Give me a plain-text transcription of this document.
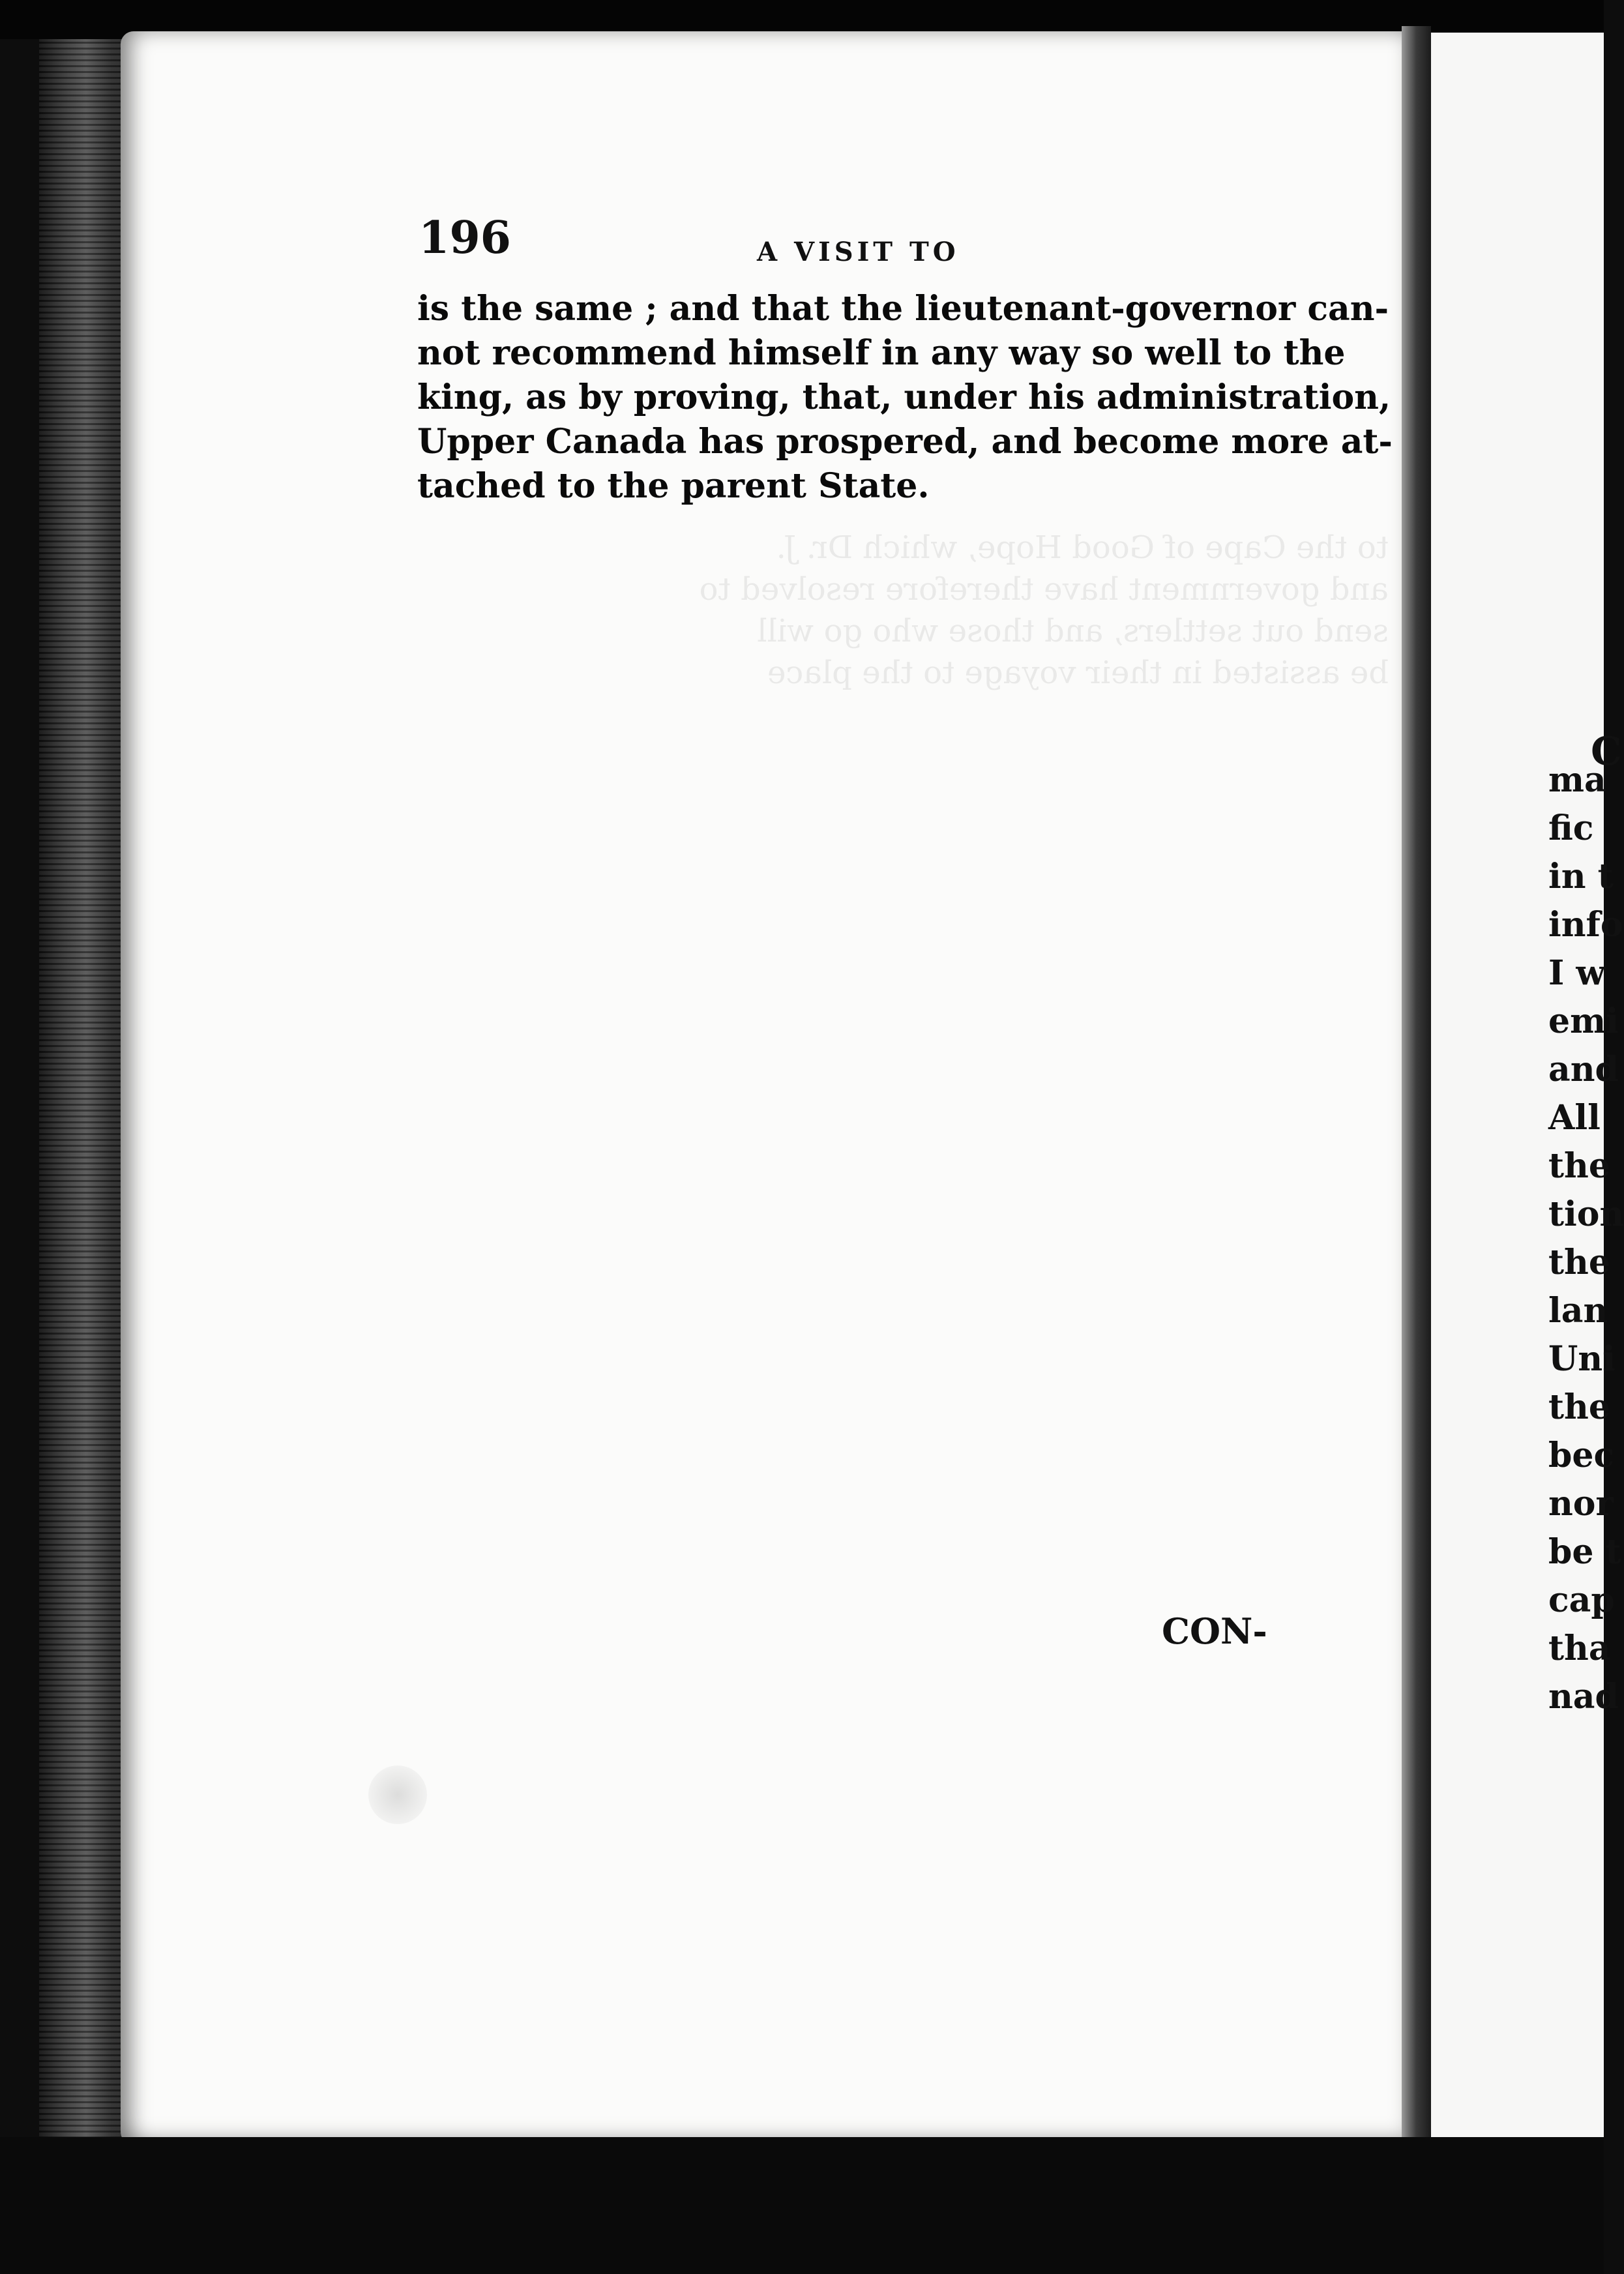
to the Cape of Good Hope, which Dr. J.
and government have therefore resolved to
send out settlers, and those who go will
be assisted in their voyage to the place
196	A VISIT TO
is the same ; and that the lieutenant-governor can-
not recommend himself in any way so well to the
king, as by proving, that, under his administration,
Upper Canada has prospered, and become more at-
tached to the parent State.
CON-
ma
fic
in t
info
I w
emi
and
All
the
tion
the
lan
Uni
the
bec
nor
be t
cap
tha
nad
C
